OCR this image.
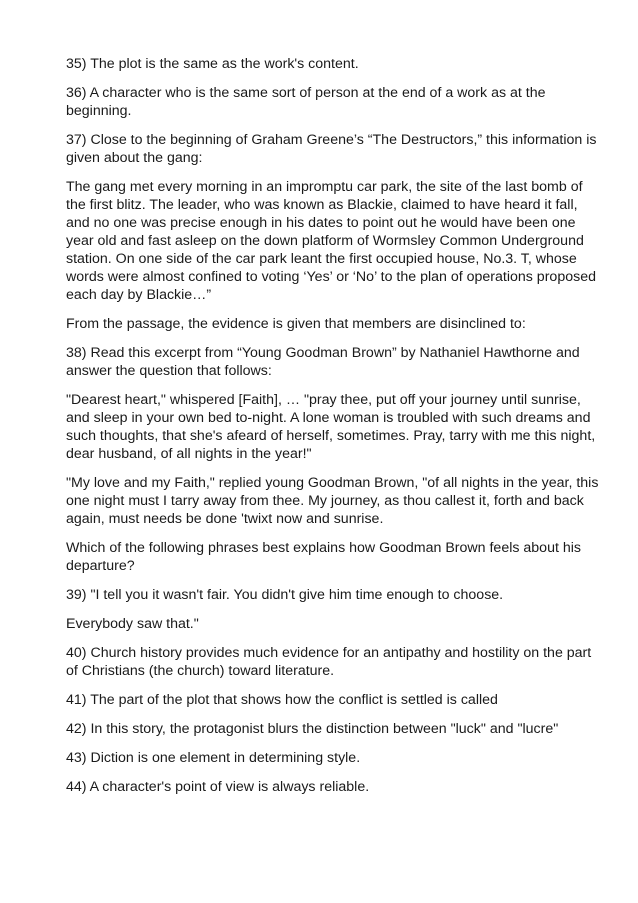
35) The plot is the same as the work's content.

36) A character who is the same sort of person at the end of a work as at the beginning.

37) Close to the beginning of Graham Greene’s “The Destructors,” this information is given about the gang:

The gang met every morning in an impromptu car park, the site of the last bomb of the first blitz. The leader, who was known as Blackie, claimed to have heard it fall, and no one was precise enough in his dates to point out he would have been one year old and fast asleep on the down platform of Wormsley Common Underground station. On one side of the car park leant the first occupied house, No.3. T, whose words were almost confined to voting ‘Yes’ or ‘No’ to the plan of operations proposed each day by Blackie…”

From the passage, the evidence is given that members are disinclined to:

38) Read this excerpt from “Young Goodman Brown” by Nathaniel Hawthorne and answer the question that follows:

"Dearest heart," whispered [Faith], … "pray thee, put off your journey until sunrise, and sleep in your own bed to-night. A lone woman is troubled with such dreams and such thoughts, that she's afeard of herself, sometimes. Pray, tarry with me this night, dear husband, of all nights in the year!"

"My love and my Faith," replied young Goodman Brown, "of all nights in the year, this one night must I tarry away from thee. My journey, as thou callest it, forth and back again, must needs be done 'twixt now and sunrise.

Which of the following phrases best explains how Goodman Brown feels about his departure?

39) "I tell you it wasn't fair. You didn't give him time enough to choose.

Everybody saw that."

40) Church history provides much evidence for an antipathy and hostility on the part of Christians (the church) toward literature.

41) The part of the plot that shows how the conflict is settled is called

42) In this story, the protagonist blurs the distinction between "luck" and "lucre"

43) Diction is one element in determining style.

44) A character's point of view is always reliable.
